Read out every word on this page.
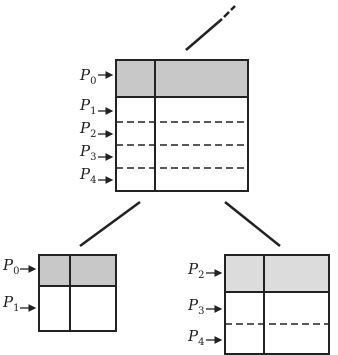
$P_0$
$P_1$
$P_2$
$P_3$
$P_4$
$P_0$
$P_1$
$P_2$
$P_3$
$P_4$
